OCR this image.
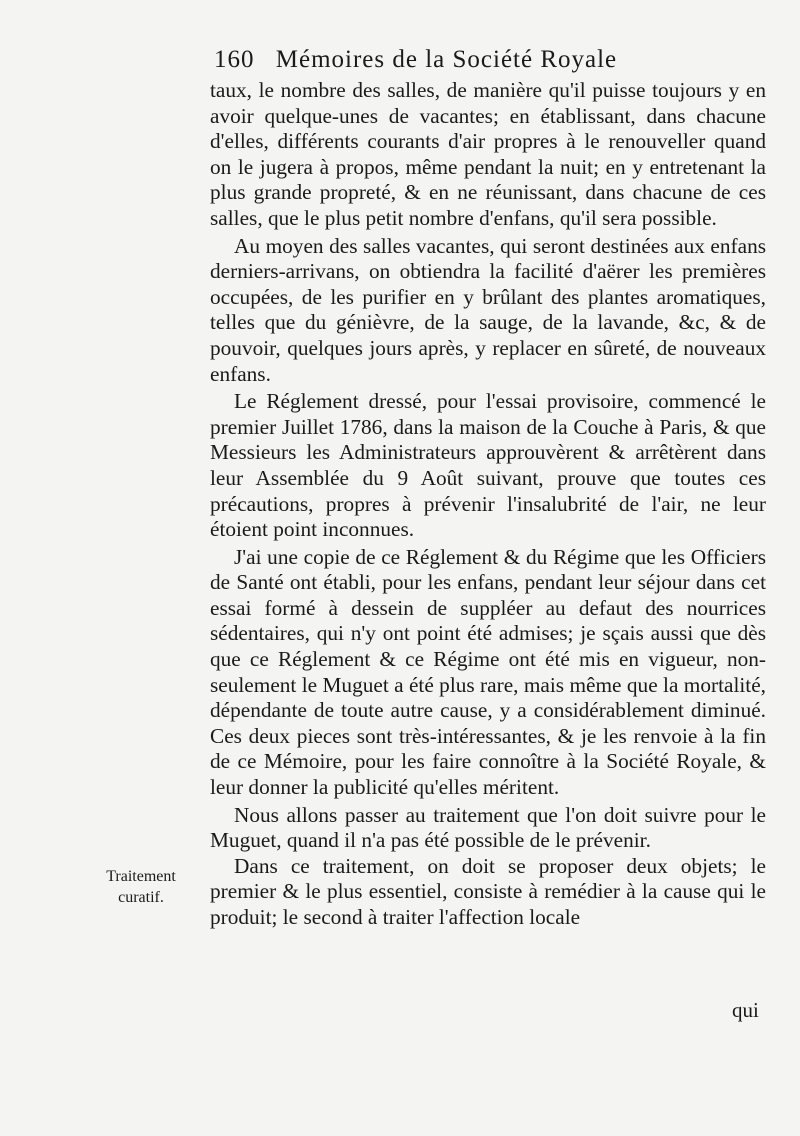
160 Mémoires de la Société Royale
Traitement curatif.

taux, le nombre des salles, de manière qu'il puisse toujours y en avoir quelque-unes de vacantes; en établissant, dans chacune d'elles, différents courants d'air propres à le renouveller quand on le jugera à propos, même pendant la nuit; en y entretenant la plus grande propreté, & en ne réunissant, dans chacune de ces salles, que le plus petit nombre d'enfans, qu'il sera possible.

Au moyen des salles vacantes, qui seront destinées aux enfans derniers-arrivans, on obtiendra la facilité d'aërer les premières occupées, de les purifier en y brûlant des plantes aromatiques, telles que du génièvre, de la sauge, de la lavande, &c, & de pouvoir, quelques jours après, y replacer en sûreté, de nouveaux enfans.

Le Réglement dressé, pour l'essai provisoire, commencé le premier Juillet 1786, dans la maison de la Couche à Paris, & que Messieurs les Administrateurs approuvèrent & arrêtèrent dans leur Assemblée du 9 Août suivant, prouve que toutes ces précautions, propres à prévenir l'insalubrité de l'air, ne leur étoient point inconnues.

J'ai une copie de ce Réglement & du Régime que les Officiers de Santé ont établi, pour les enfans, pendant leur séjour dans cet essai formé à dessein de suppléer au defaut des nourrices sédentaires, qui n'y ont point été admises; je sçais aussi que dès que ce Réglement & ce Régime ont été mis en vigueur, non-seulement le Muguet a été plus rare, mais même que la mortalité, dépendante de toute autre cause, y a considérablement diminué. Ces deux pieces sont très-intéressantes, & je les renvoie à la fin de ce Mémoire, pour les faire connoître à la Société Royale, & leur donner la publicité qu'elles méritent.

Nous allons passer au traitement que l'on doit suivre pour le Muguet, quand il n'a pas été possible de le prévenir.

Dans ce traitement, on doit se proposer deux objets; le premier & le plus essentiel, consiste à remédier à la cause qui le produit; le second à traiter l'affection locale

qui
